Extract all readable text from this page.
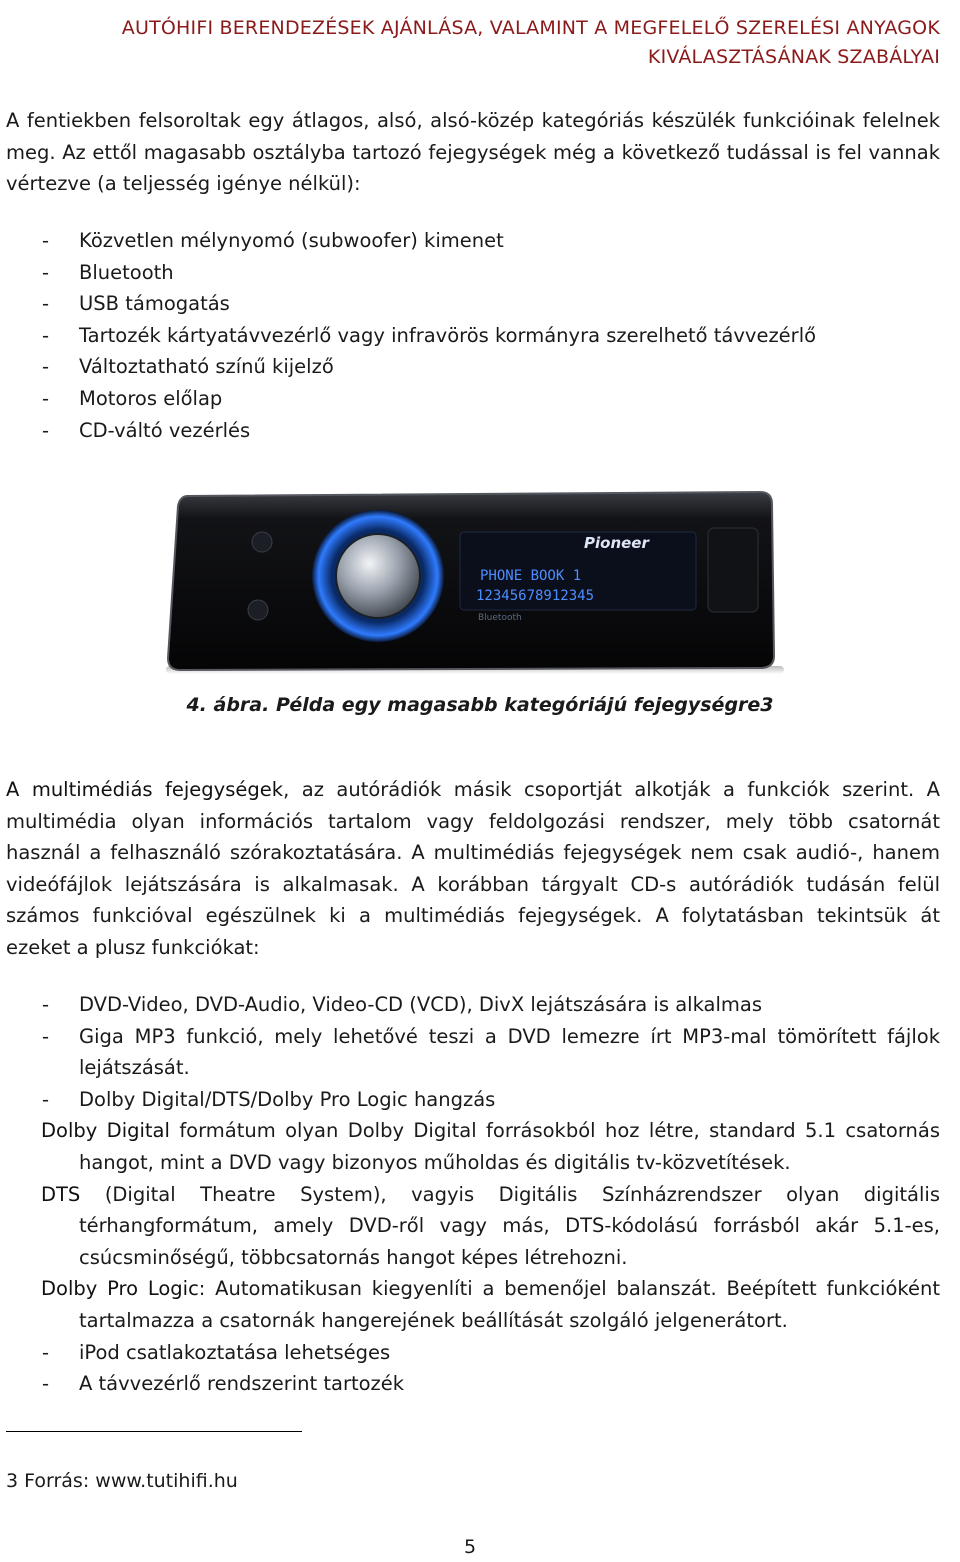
AUTÓHIFI BERENDEZÉSEK AJÁNLÁSA, VALAMINT A MEGFELELŐ SZERELÉSI ANYAGOK
KIVÁLASZTÁSÁNAK SZABÁLYAI

A fentiekben felsoroltak egy átlagos, alsó, alsó-közép kategóriás készülék funkcióinak felelnek meg. Az ettől magasabb osztályba tartozó fejegységek még a következő tudással is fel vannak vértezve (a teljesség igénye nélkül):

- Közvetlen mélynyomó (subwoofer) kimenet
- Bluetooth
- USB támogatás
- Tartozék kártyatávvezérlő vagy infravörös kormányra szerelhető távvezérlő
- Változtatható színű kijelző
- Motoros előlap
- CD-váltó vezérlés
Pioneer
PHONE BOOK 1
12345678912345
Bluetooth
4. ábra. Példa egy magasabb kategóriájú fejegységre3

A multimédiás fejegységek, az autórádiók másik csoportját alkotják a funkciók szerint. A multimédia olyan információs tartalom vagy feldolgozási rendszer, mely több csatornát használ a felhasználó szórakoztatására. A multimédiás fejegységek nem csak audió-, hanem videófájlok lejátszására is alkalmasak. A korábban tárgyalt CD-s autórádiók tudásán felül számos funkcióval egészülnek ki a multimédiás fejegységek. A folytatásban tekintsük át ezeket a plusz funkciókat:

- DVD-Video, DVD-Audio, Video-CD (VCD), DivX lejátszására is alkalmas
- Giga MP3 funkció, mely lehetővé teszi a DVD lemezre írt MP3-mal tömörített fájlok lejátszását.
- Dolby Digital/DTS/Dolby Pro Logic hangzás
Dolby Digital formátum olyan Dolby Digital forrásokból hoz létre, standard 5.1 csatornás hangot, mint a DVD vagy bizonyos műholdas és digitális tv-közvetítések.
DTS (Digital Theatre System), vagyis Digitális Színházrendszer olyan digitális térhangformátum, amely DVD-ről vagy más, DTS-kódolású forrásból akár 5.1-es, csúcsminőségű, többcsatornás hangot képes létrehozni.
Dolby Pro Logic: Automatikusan kiegyenlíti a bemenőjel balanszát. Beépített funkcióként tartalmazza a csatornák hangerejének beállítását szolgáló jelgenerátort.
- iPod csatlakoztatása lehetséges
- A távvezérlő rendszerint tartozék
3 Forrás: www.tutihifi.hu
5
